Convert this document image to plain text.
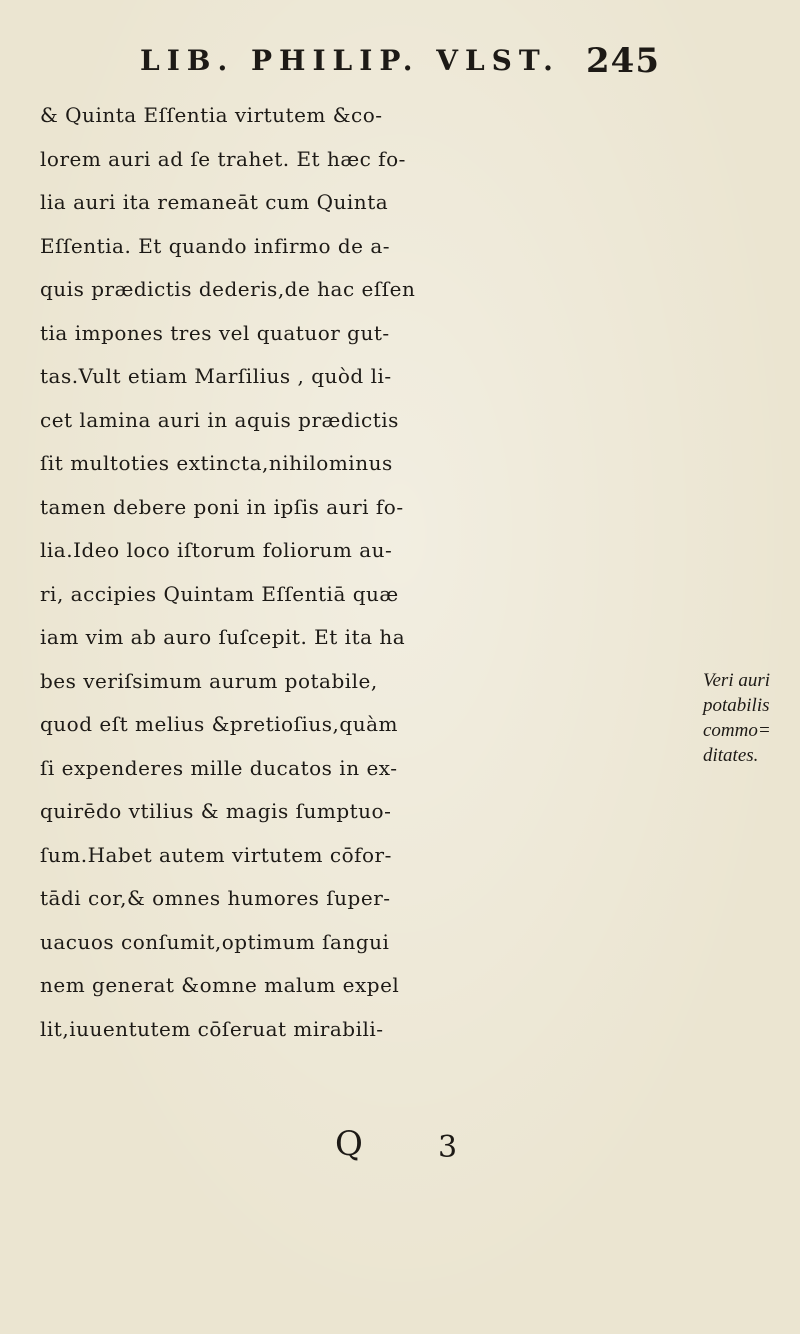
LIB. PHILIP. VLST. 245
& Quinta Eſſentia virtutem &co-
lorem auri ad ſe trahet. Et hæc fo-
lia auri ita remaneāt cum Quinta
Eſſentia. Et quando infirmo de a-
quis prædictis dederis,de hac eſſen
tia impones tres vel quatuor gut-
tas.Vult etiam Marſilius , quòd li-
cet lamina auri in aquis prædictis
ſit multoties extincta,nihilominus
tamen debere poni in ipſis auri fo-
lia.Ideo loco iſtorum foliorum au-
ri, accipies Quintam Eſſentiā quæ
iam vim ab auro ſuſcepit. Et ita ha
bes veriſsimum aurum potabile,
quod eſt melius &pretioſius,quàm
ſi expenderes mille ducatos in ex-
quirēdo vtilius & magis ſumptuo-
ſum.Habet autem virtutem cōfor-
tādi cor,& omnes humores ſuper-
uacuos conſumit,optimum ſangui
nem generat &omne malum expel
lit,iuuentutem cōſeruat mirabili-
Veri auri
potabilis
commo=
ditates.
Q	3
